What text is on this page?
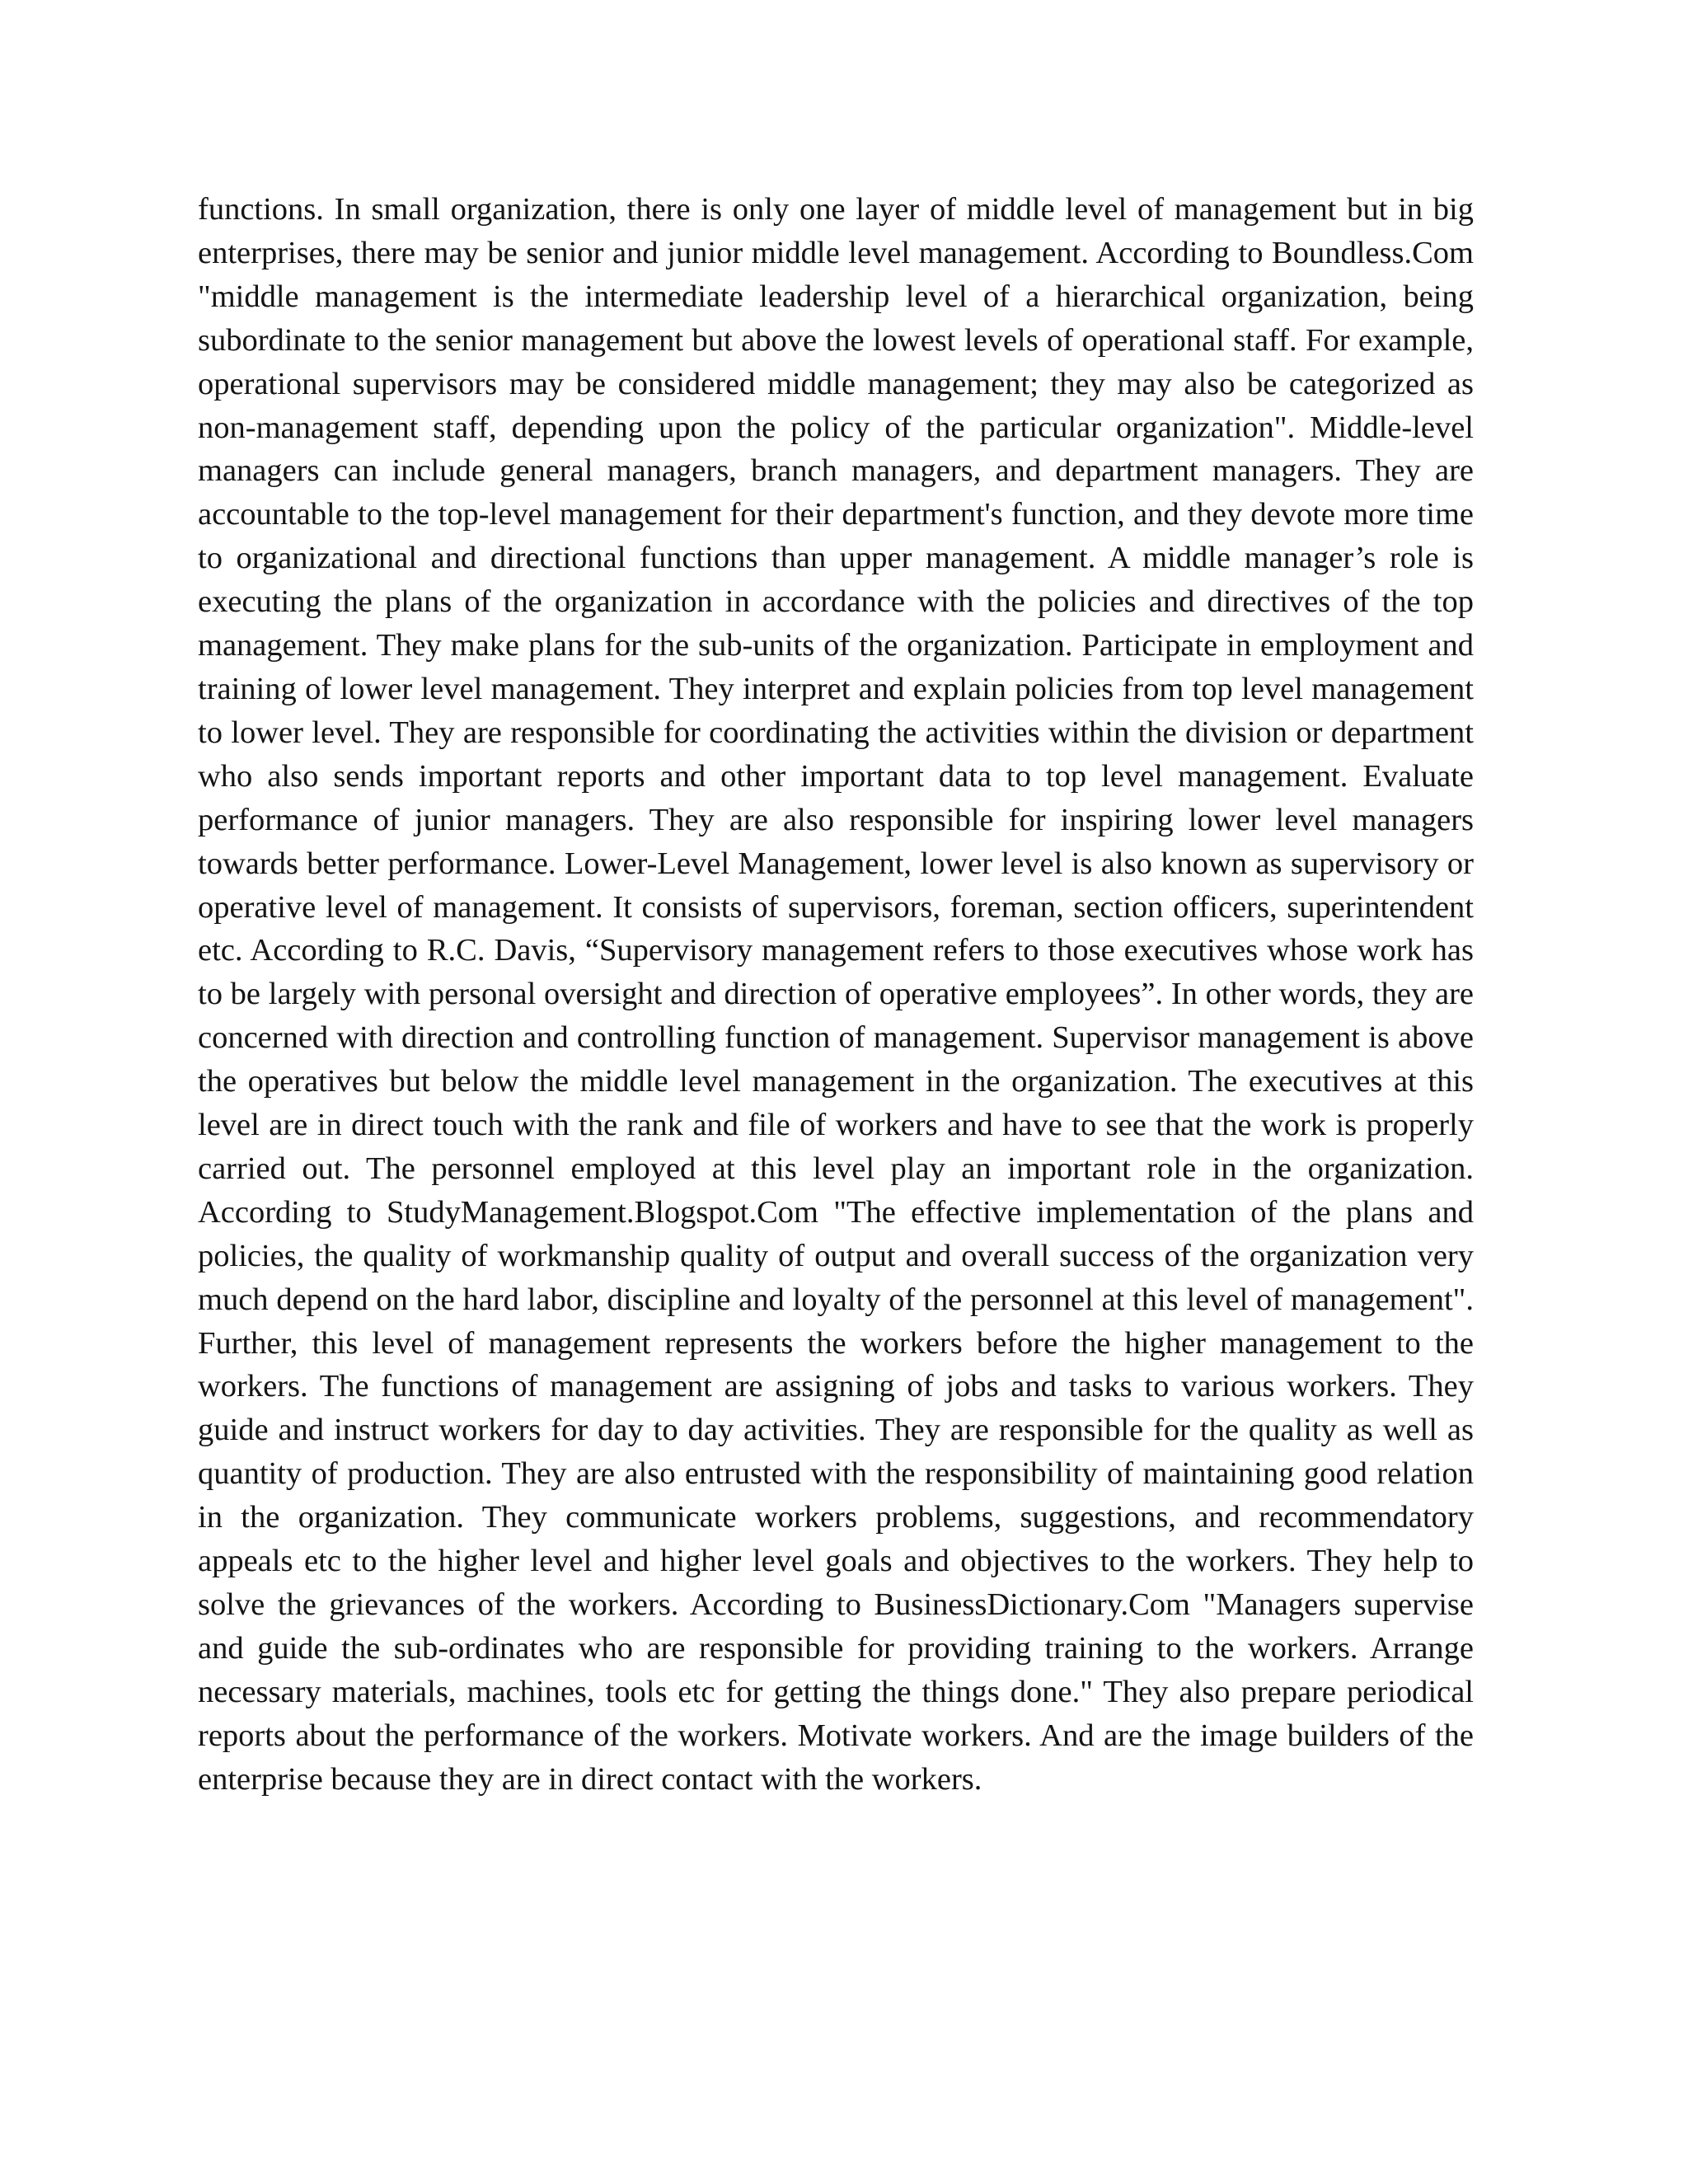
functions. In small organization, there is only one layer of middle level of management but in big enterprises, there may be senior and junior middle level management. According to Boundless.Com "middle management is the intermediate leadership level of a hierarchical organization, being subordinate to the senior management but above the lowest levels of operational staff. For example, operational supervisors may be considered middle management; they may also be categorized as non-management staff, depending upon the policy of the particular organization". Middle-level managers can include general managers, branch managers, and department managers. They are accountable to the top-level management for their department's function, and they devote more time to organizational and directional functions than upper management. A middle manager’s role is executing the plans of the organization in accordance with the policies and directives of the top management. They make plans for the sub-units of the organization. Participate in employment and training of lower level management. They interpret and explain policies from top level management to lower level. They are responsible for coordinating the activities within the division or department who also sends important reports and other important data to top level management. Evaluate performance of junior managers. They are also responsible for inspiring lower level managers towards better performance. Lower-Level Management, lower level is also known as supervisory or operative level of management. It consists of supervisors, foreman, section officers, superintendent etc. According to R.C. Davis, “Supervisory management refers to those executives whose work has to be largely with personal oversight and direction of operative employees”. In other words, they are concerned with direction and controlling function of management. Supervisor management is above the operatives but below the middle level management in the organization. The executives at this level are in direct touch with the rank and file of workers and have to see that the work is properly carried out. The personnel employed at this level play an important role in the organization. According to StudyManagement.Blogspot.Com "The effective implementation of the plans and policies, the quality of workmanship quality of output and overall success of the organization very much depend on the hard labor, discipline and loyalty of the personnel at this level of management". Further, this level of management represents the workers before the higher management to the workers. The functions of management are assigning of jobs and tasks to various workers. They guide and instruct workers for day to day activities. They are responsible for the quality as well as quantity of production. They are also entrusted with the responsibility of maintaining good relation in the organization. They communicate workers problems, suggestions, and recommendatory appeals etc to the higher level and higher level goals and objectives to the workers. They help to solve the grievances of the workers. According to BusinessDictionary.Com "Managers supervise and guide the sub-ordinates who are responsible for providing training to the workers. Arrange necessary materials, machines, tools etc for getting the things done." They also prepare periodical reports about the performance of the workers. Motivate workers. And are the image builders of the enterprise because they are in direct contact with the workers.
